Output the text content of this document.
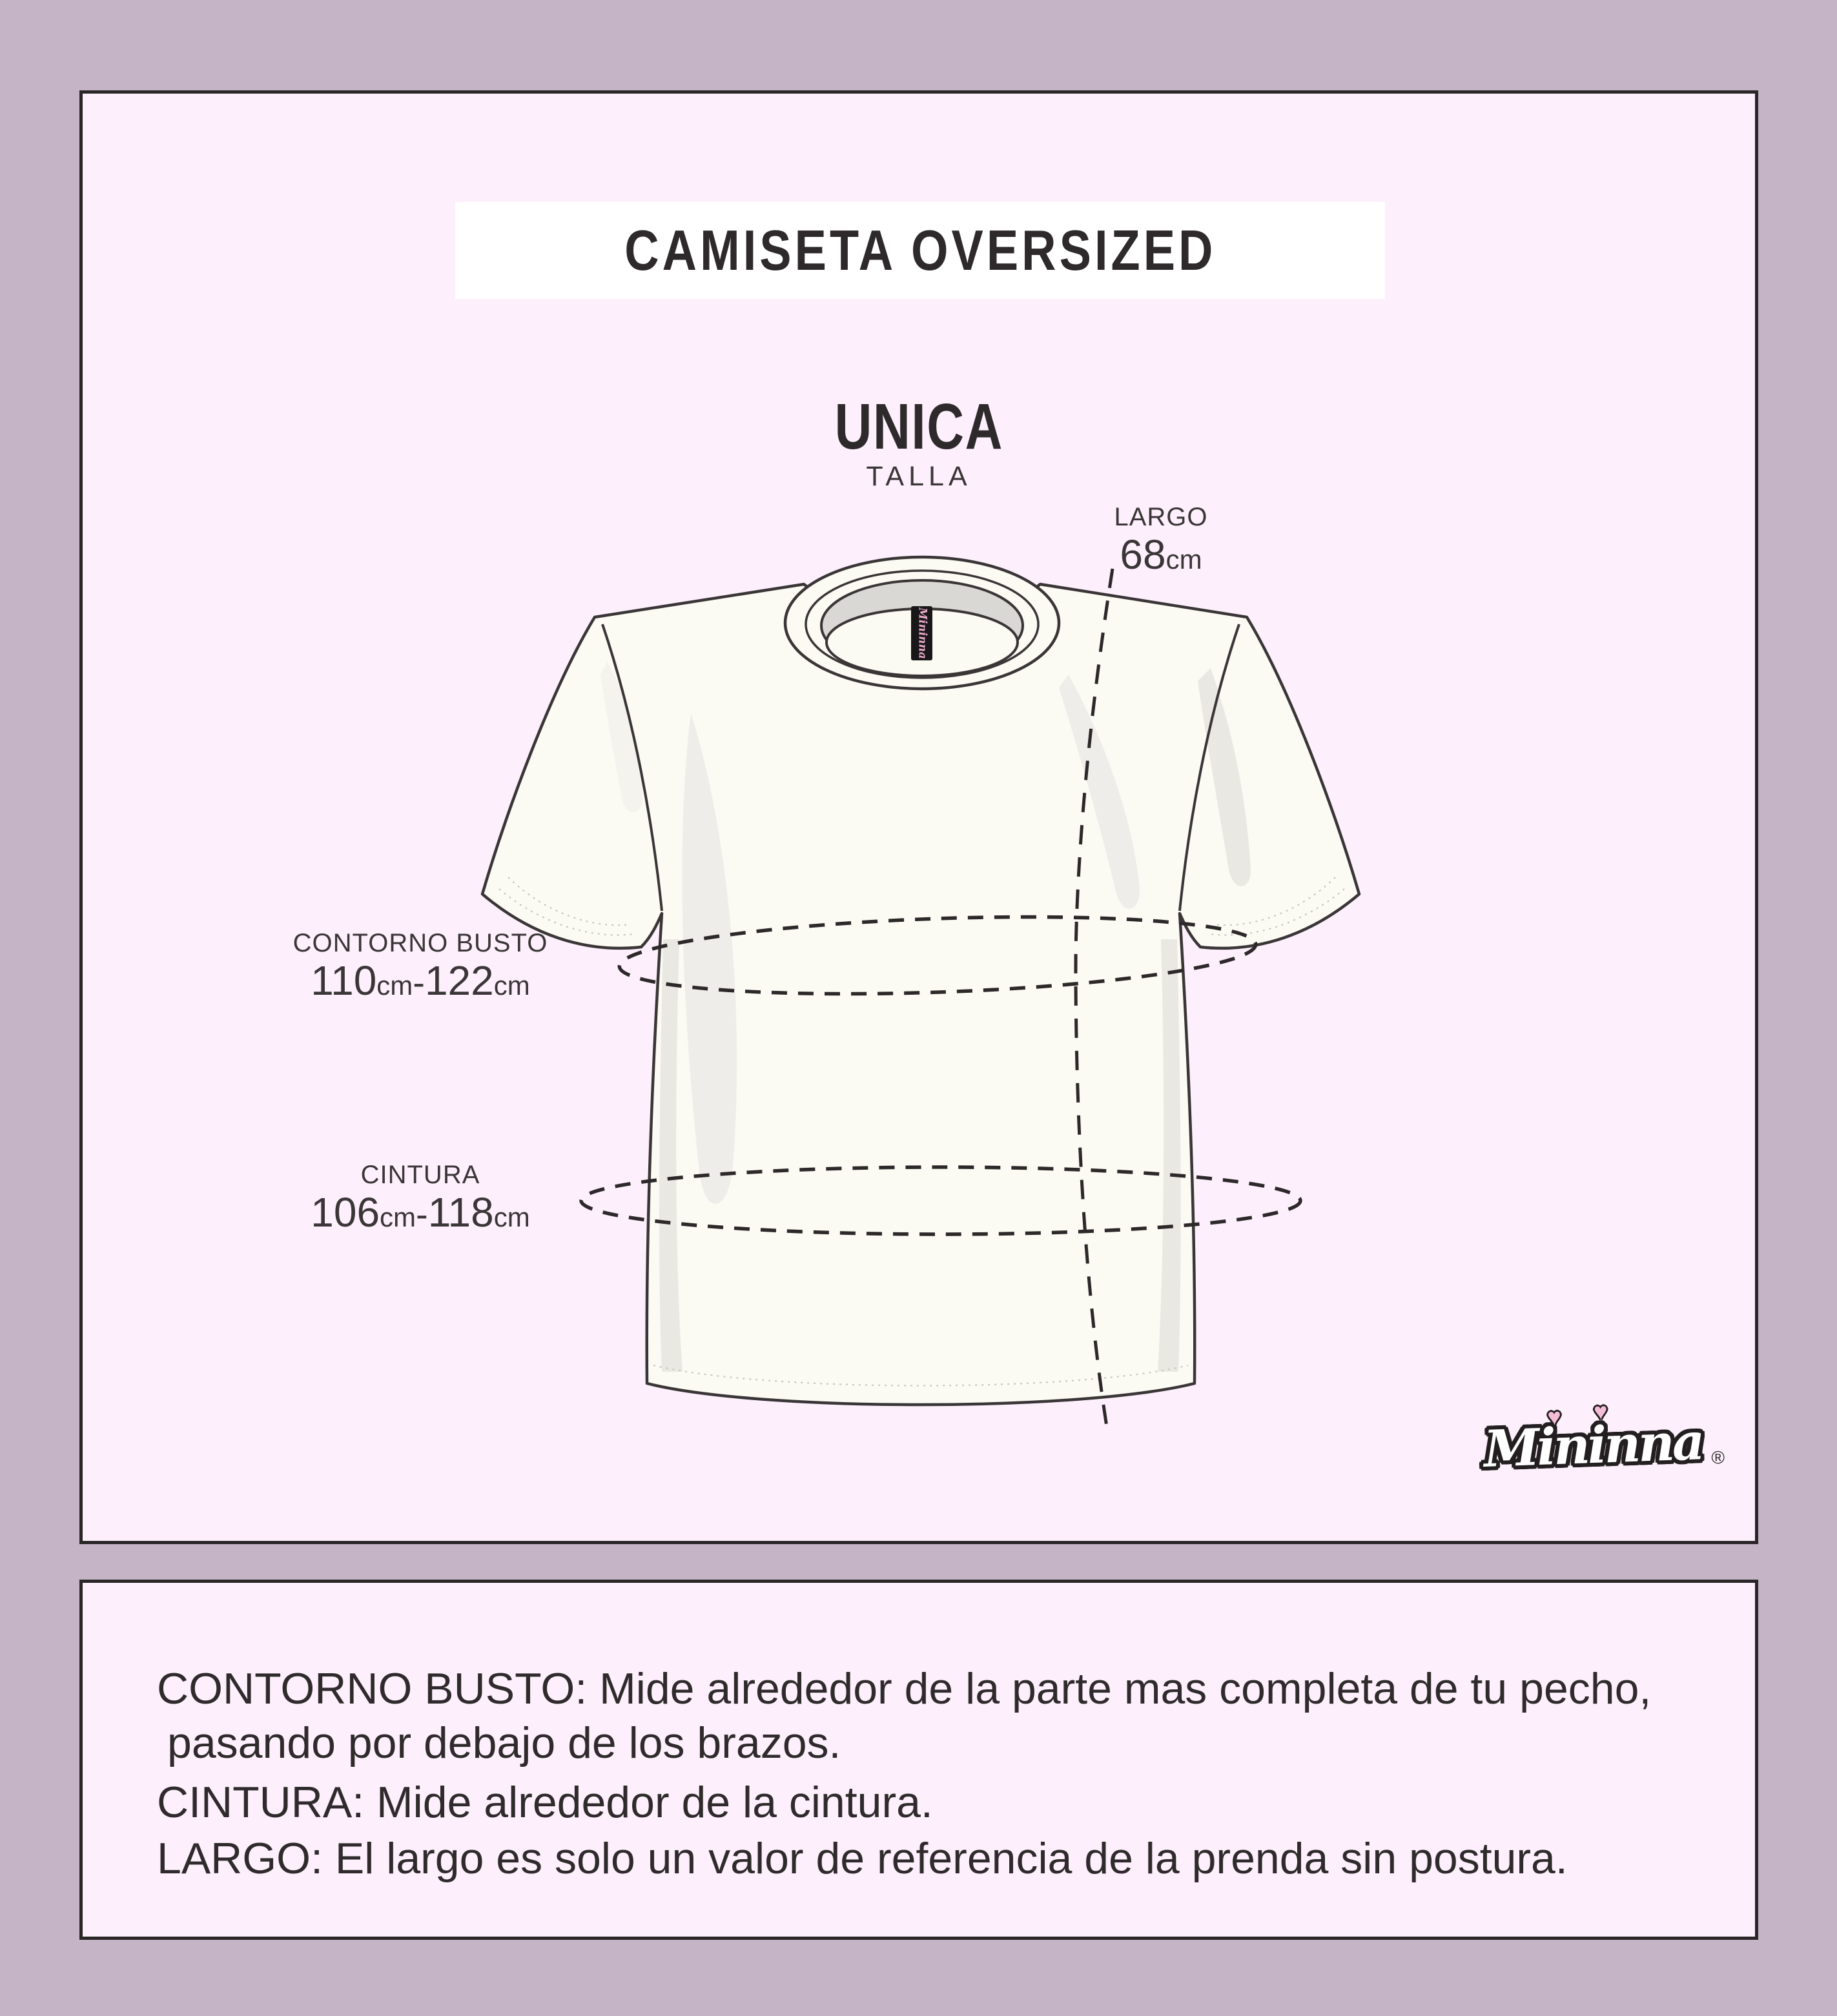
CAMISETA OVERSIZED
UNICA
TALLA
LARGO
68cm
CONTORNO BUSTO
110cm-122cm
CINTURA
106cm-118cm
Mininna
Mininna
♥
♥ ®

CONTORNO BUSTO: Mide alrededor de la parte mas completa de tu pecho,
pasando por debajo de los brazos.

CINTURA: Mide alrededor de la cintura.

LARGO: El largo es solo un valor de referencia de la prenda sin postura.
